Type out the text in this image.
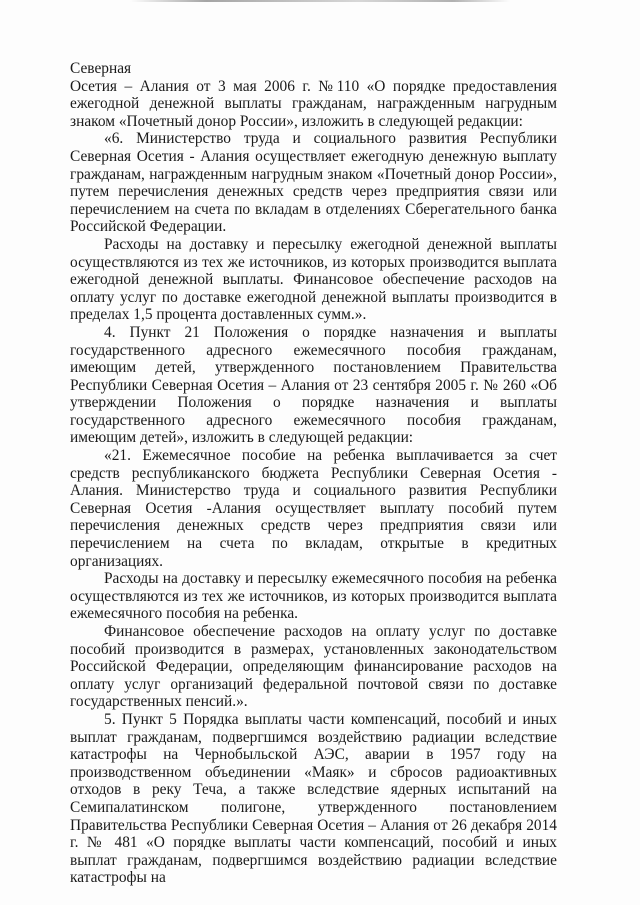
Северная

Осетия – Алания от 3 мая 2006 г. №110 «О порядке предоставления ежегодной денежной выплаты гражданам, награжденным нагрудным знаком «Почетный донор России», изложить в следующей редакции:

«6. Министерство труда и социального развития Республики Северная Осетия - Алания осуществляет ежегодную денежную выплату гражданам, награжденным нагрудным знаком «Почетный донор России», путем перечисления денежных средств через предприятия связи или перечислением на счета по вкладам в отделениях Сберегательного банка Российской Федерации.

Расходы на доставку и пересылку ежегодной денежной выплаты осуществляются из тех же источников, из которых производится выплата ежегодной денежной выплаты. Финансовое обеспечение расходов на оплату услуг по доставке ежегодной денежной выплаты производится в пределах 1,5 процента доставленных сумм.».

4. Пункт 21 Положения о порядке назначения и выплаты государственного адресного ежемесячного пособия гражданам, имеющим детей, утвержденного постановлением Правительства Республики Северная Осетия – Алания от 23 сентября 2005 г. № 260 «Об утверждении Положения о порядке назначения и выплаты государственного адресного ежемесячного пособия гражданам, имеющим детей», изложить в следующей редакции:

«21. Ежемесячное пособие на ребенка выплачивается за счет средств республиканского бюджета Республики Северная Осетия - Алания. Министерство труда и социального развития Республики Северная Осетия -Алания осуществляет выплату пособий путем перечисления денежных средств через предприятия связи или перечислением на счета по вкладам, открытые в кредитных организациях.

Расходы на доставку и пересылку ежемесячного пособия на ребенка осуществляются из тех же источников, из которых производится выплата ежемесячного пособия на ребенка.

Финансовое обеспечение расходов на оплату услуг по доставке пособий производится в размерах, установленных законодательством Российской Федерации, определяющим финансирование расходов на оплату услуг организаций федеральной почтовой связи по доставке государственных пенсий.».

5. Пункт 5 Порядка выплаты части компенсаций, пособий и иных выплат гражданам, подвергшимся воздействию радиации вследствие катастрофы на Чернобыльской АЭС, аварии в 1957 году на производственном объединении «Маяк» и сбросов радиоактивных отходов в реку Теча, а также вследствие ядерных испытаний на Семипалатинском полигоне, утвержденного постановлением Правительства Республики Северная Осетия – Алания от 26 декабря 2014 г. № 481 «О порядке выплаты части компенсаций, пособий и иных выплат гражданам, подвергшимся воздействию радиации вследствие катастрофы на
